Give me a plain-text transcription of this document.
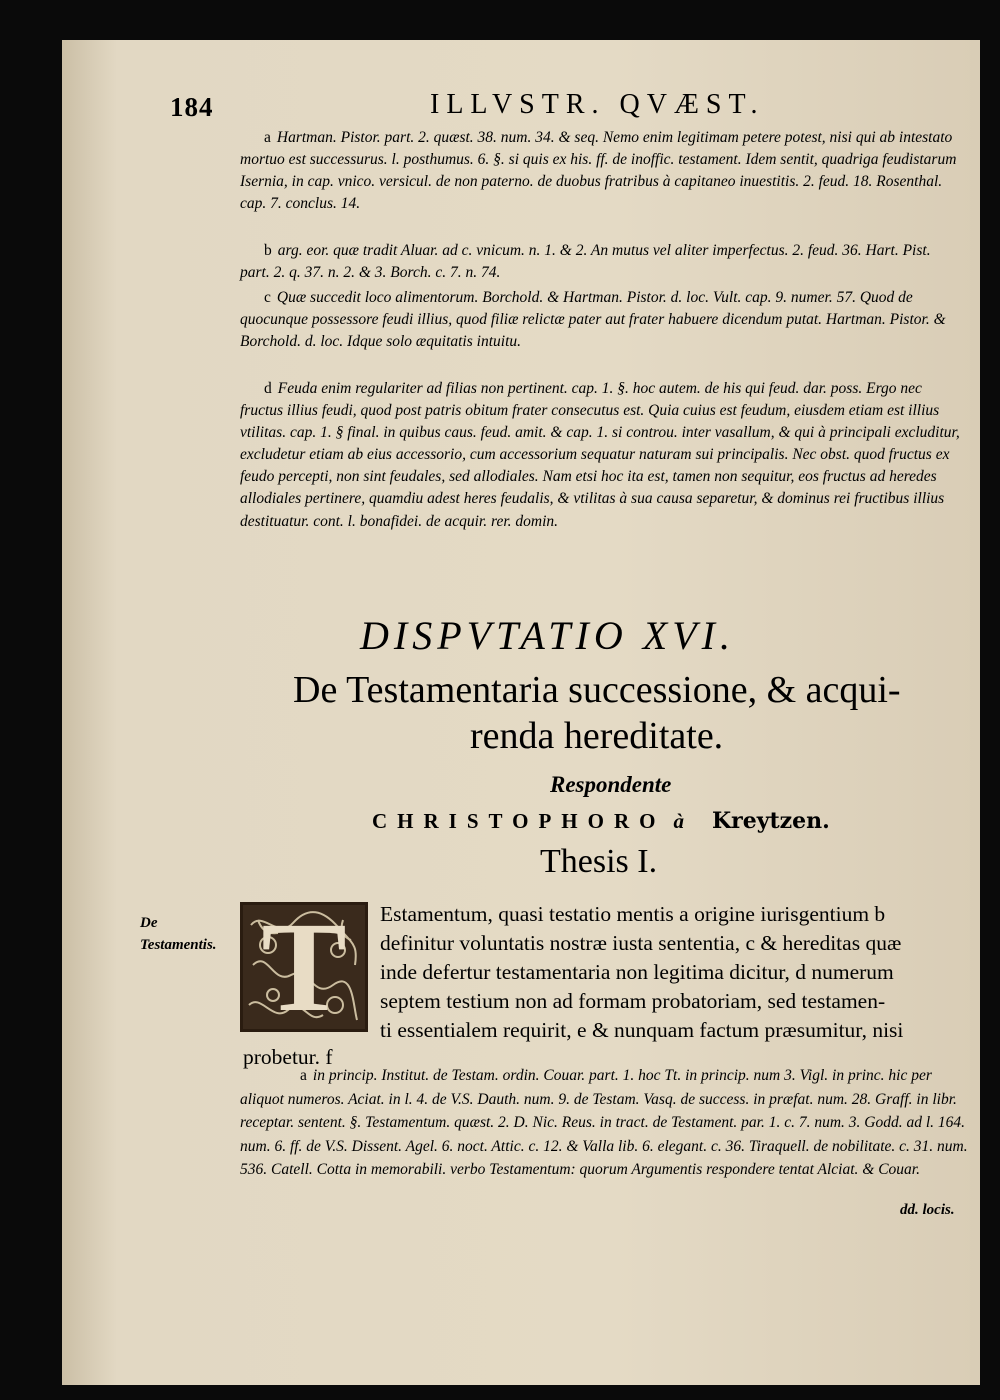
184	ILLVSTR. QVÆST.
a Hartman. Pistor. part. 2. quæst. 38. num. 34. & seq. Nemo enim legitimam petere potest, nisi qui ab intestato mortuo est successurus. l. posthumus. 6. §. si quis ex his. ff. de inoffic. testament. Idem sentit, quadriga feudistarum Isernia, in cap. vnico. versicul. de non paterno. de duobus fratribus à capitaneo inuestitis. 2. feud. 18. Rosenthal. cap. 7. conclus. 14.
b arg. eor. quæ tradit Aluar. ad c. vnicum. n. 1. & 2. An mutus vel aliter imperfectus. 2. feud. 36. Hart. Pist. part. 2. q. 37. n. 2. & 3. Borch. c. 7. n. 74.
c Quæ succedit loco alimentorum. Borchold. & Hartman. Pistor. d. loc. Vult. cap. 9. numer. 57. Quod de quocunque possessore feudi illius, quod filiæ relictæ pater aut frater habuere dicendum putat. Hartman. Pistor. & Borchold. d. loc. Idque solo æquitatis intuitu.
d Feuda enim regulariter ad filias non pertinent. cap. 1. §. hoc autem. de his qui feud. dar. poss. Ergo nec fructus illius feudi, quod post patris obitum frater consecutus est. Quia cuius est feudum, eiusdem etiam est illius vtilitas. cap. 1. § final. in quibus caus. feud. amit. & cap. 1. si controu. inter vasallum, & qui à principali excluditur, excludetur etiam ab eius accessorio, cum accessorium sequatur naturam sui principalis. Nec obst. quod fructus ex feudo percepti, non sint feudales, sed allodiales. Nam etsi hoc ita est, tamen non sequitur, eos fructus ad heredes allodiales pertinere, quamdiu adest heres feudalis, & vtilitas à sua causa separetur, & dominus rei fructibus illius destituatur. cont. l. bonafidei. de acquir. rer. domin.
DISPVTATIO XVI.
De Testamentaria successione, & acqui-
renda hereditate.
Respondente
CHRISTOPHORO à Kreytzen.
Thesis I.
De Testamentis. T	Estamentum, quasi testatio mentis a origine iurisgentium b
definitur voluntatis nostræ iusta sententia, c & hereditas quæ
inde defertur testamentaria non legitima dicitur, d numerum
septem testium non ad formam probatoriam, sed testamen-
ti essentialem requirit, e & nunquam factum præsumitur, nisi
probetur. f
a in princip. Institut. de Testam. ordin. Couar. part. 1. hoc Tt. in princip. num 3. Vigl. in princ. hic per aliquot numeros. Aciat. in l. 4. de V.S. Dauth. num. 9. de Testam. Vasq. de success. in præfat. num. 28. Graff. in libr. receptar. sentent. §. Testamentum. quæst. 2. D. Nic. Reus. in tract. de Testament. par. 1. c. 7. num. 3. Godd. ad l. 164. num. 6. ff. de V.S. Dissent. Agel. 6. noct. Attic. c. 12. & Valla lib. 6. elegant. c. 36. Tiraquell. de nobilitate. c. 31. num. 536. Catell. Cotta in memorabili. verbo Testamentum: quorum Argumentis respondere tentat Alciat. & Couar.
dd. locis.
